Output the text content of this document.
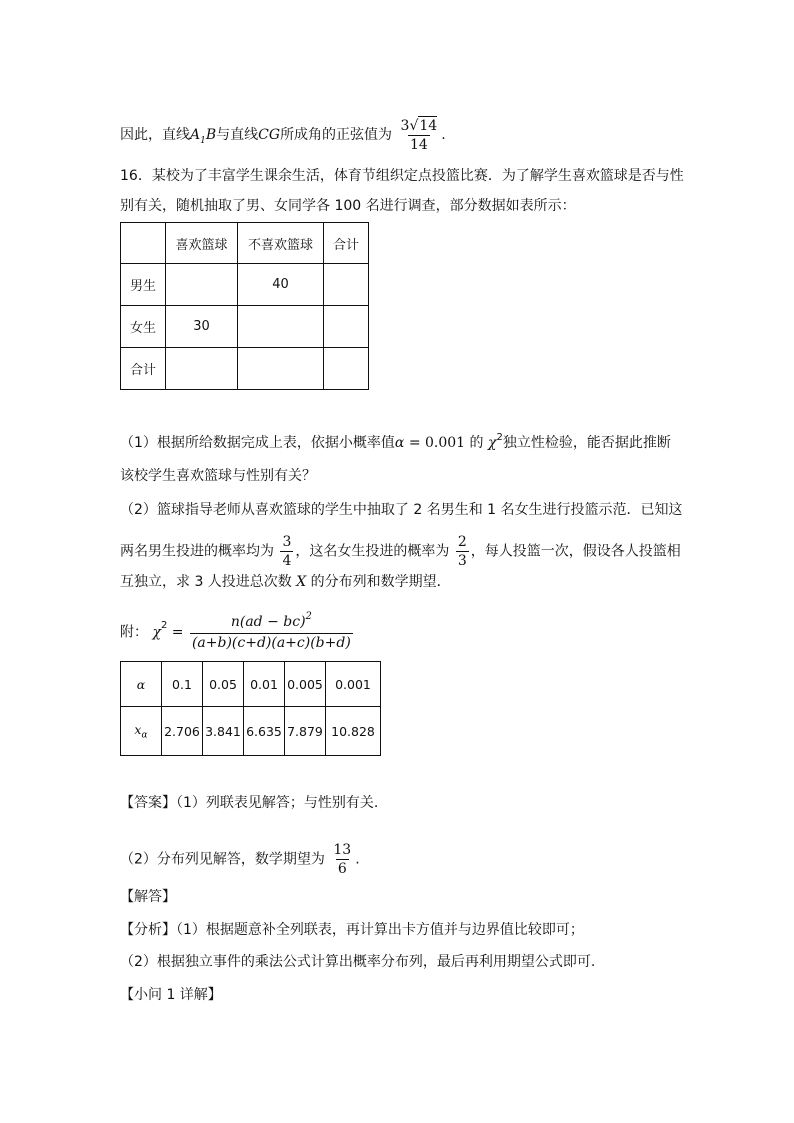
因此，直线$A_1B$与直线CG所成角的正弦值为 $\frac{3√14}{14}$ .
16．某校为了丰富学生课余生活，体育节组织定点投篮比赛．为了解学生喜欢篮球是否与性
别有关，随机抽取了男、女同学各 100 名进行调查，部分数据如表所示：
	喜欢篮球	不喜欢篮球	合计
男生		40	
女生	30		
合计			
（1）根据所给数据完成上表，依据小概率值α = 0.001 的 $\chi^2$独立性检验，能否据此推断
该校学生喜欢篮球与性别有关？
（2）篮球指导老师从喜欢篮球的学生中抽取了 2 名男生和 1 名女生进行投篮示范．已知这
两名男生投进的概率均为 $\frac{3}{4}$ ，这名女生投进的概率为 $\frac{2}{3}$ ，每人投篮一次，假设各人投篮相
互独立，求 3 人投进总次数 X 的分布列和数学期望．
附： $\chi^2 = \frac{n(ad - bc)^2}{(a+b)(c+d)(a+c)(b+d)}$
α	0.1	0.05	0.01	0.005	0.001
$x_\alpha$	2.706	3.841	6.635	7.879	10.828
【答案】（1）列联表见解答；与性别有关.
（2）分布列见解答，数学期望为 $\frac{13}{6}$ .
【解答】
【分析】（1）根据题意补全列联表，再计算出卡方值并与边界值比较即可；
（2）根据独立事件的乘法公式计算出概率分布列，最后再利用期望公式即可.
【小问 1 详解】
